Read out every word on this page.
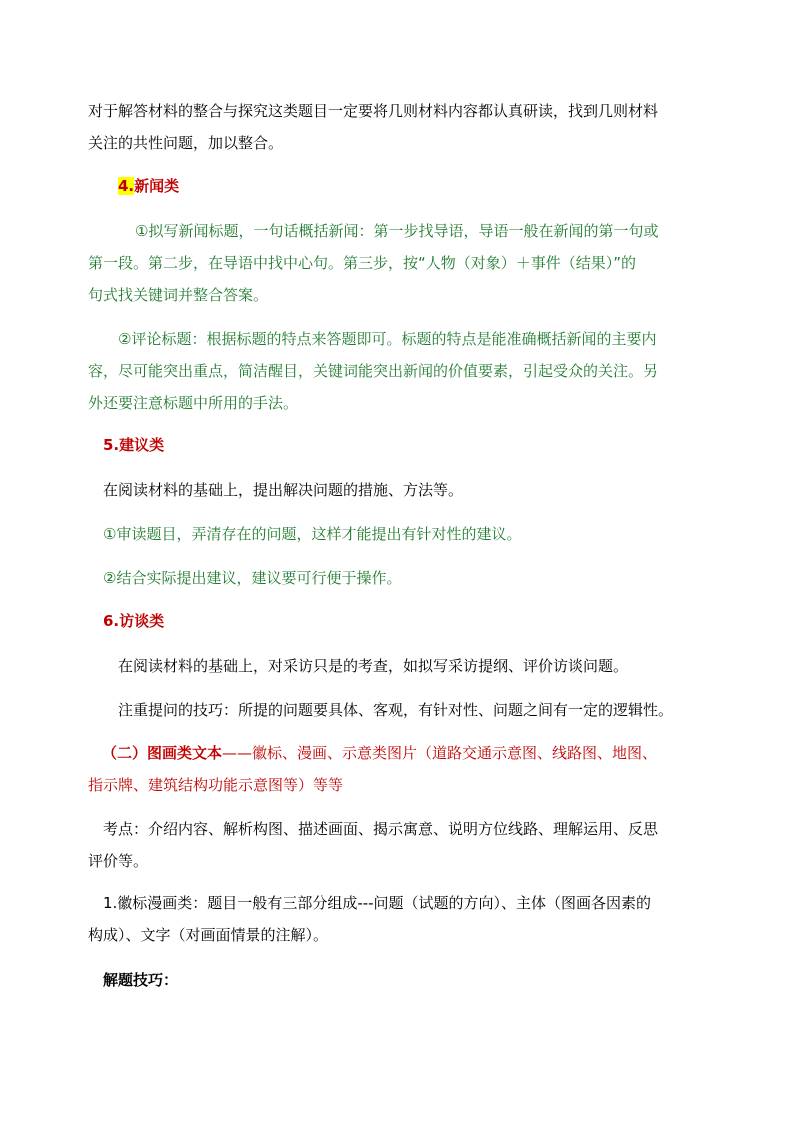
对于解答材料的整合与探究这类题目一定要将几则材料内容都认真研读，找到几则材料

关注的共性问题，加以整合。

4.新闻类

①拟写新闻标题，一句话概括新闻：第一步找导语，导语一般在新闻的第一句或

第一段。第二步，在导语中找中心句。第三步，按“人物（对象）＋事件（结果）”的

句式找关键词并整合答案。

②评论标题：根据标题的特点来答题即可。标题的特点是能准确概括新闻的主要内

容，尽可能突出重点，简洁醒目，关键词能突出新闻的价值要素，引起受众的关注。另

外还要注意标题中所用的手法。

5.建议类

在阅读材料的基础上，提出解决问题的措施、方法等。

①审读题目，弄清存在的问题，这样才能提出有针对性的建议。

②结合实际提出建议，建议要可行便于操作。

6.访谈类

在阅读材料的基础上，对采访只是的考查，如拟写采访提纲、评价访谈问题。

注重提问的技巧：所提的问题要具体、客观，有针对性、问题之间有一定的逻辑性。

（二）图画类文本——徽标、漫画、示意类图片（道路交通示意图、线路图、地图、

指示牌、建筑结构功能示意图等）等等

考点：介绍内容、解析构图、描述画面、揭示寓意、说明方位线路、理解运用、反思

评价等。

1.徽标漫画类：题目一般有三部分组成---问题（试题的方向）、主体（图画各因素的

构成）、文字（对画面情景的注解）。

解题技巧：
